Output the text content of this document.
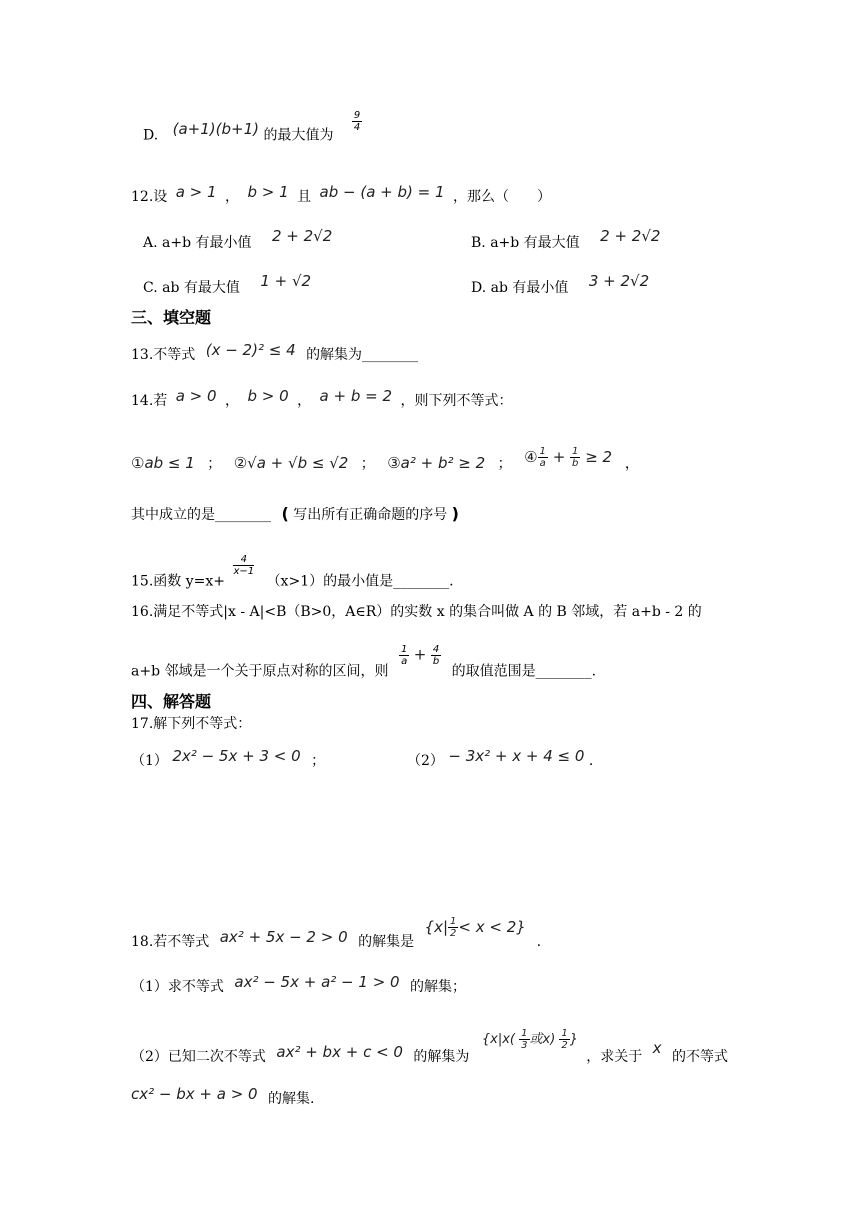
D. (a+1)(b+1) 的最大值为
$\frac{9}{4}$
12.设 a > 1 ， b > 1 且 ab − (a + b) = 1 ，那么（　　）
A. a+b 有最小值 2 + 2√2	B. a+b 有最大值 2 + 2√2
C. ab 有最大值 1 + √2	D. ab 有最小值 3 + 2√2
三、填空题
13.不等式 (x − 2)² ≤ 4 的解集为________
14.若 a > 0 ， b > 0 ， a + b = 2 ，则下列不等式：
①ab ≤ 1 ； ②√a + √b ≤ √2 ； ③a² + b² ≥ 2 ； ④ $\frac{1}{a} + \frac{1}{b} \ge 2$ ，
其中成立的是________ ( 写出所有正确命题的序号 )
15.函数 y=x+
$\frac{4}{x-1}$
（x>1）的最小值是________.
16.满足不等式|x - A|<B（B>0，A∈R）的实数 x 的集合叫做 A 的 B 邻域，若 a+b - 2 的
a+b 邻域是一个关于原点对称的区间，则
$\frac{1}{a} + \frac{4}{b}$
的取值范围是________.
四、解答题
17.解下列不等式：
（1） 2x² − 5x + 3 < 0 ；	（2） − 3x² + x + 4 ≤ 0 .
18.若不等式 ax² + 5x − 2 > 0 的解集是 $\{x| \frac{1}{2} < x < 2\}$ .
（1）求不等式 ax² − 5x + a² − 1 > 0 的解集；
（2）已知二次不等式 ax² + bx + c < 0 的解集为 {$x|x( \frac{1}{3}$ 或$x) \frac{1}{2}$ } ，求关于 x 的不等式
cx² − bx + a > 0 的解集.
